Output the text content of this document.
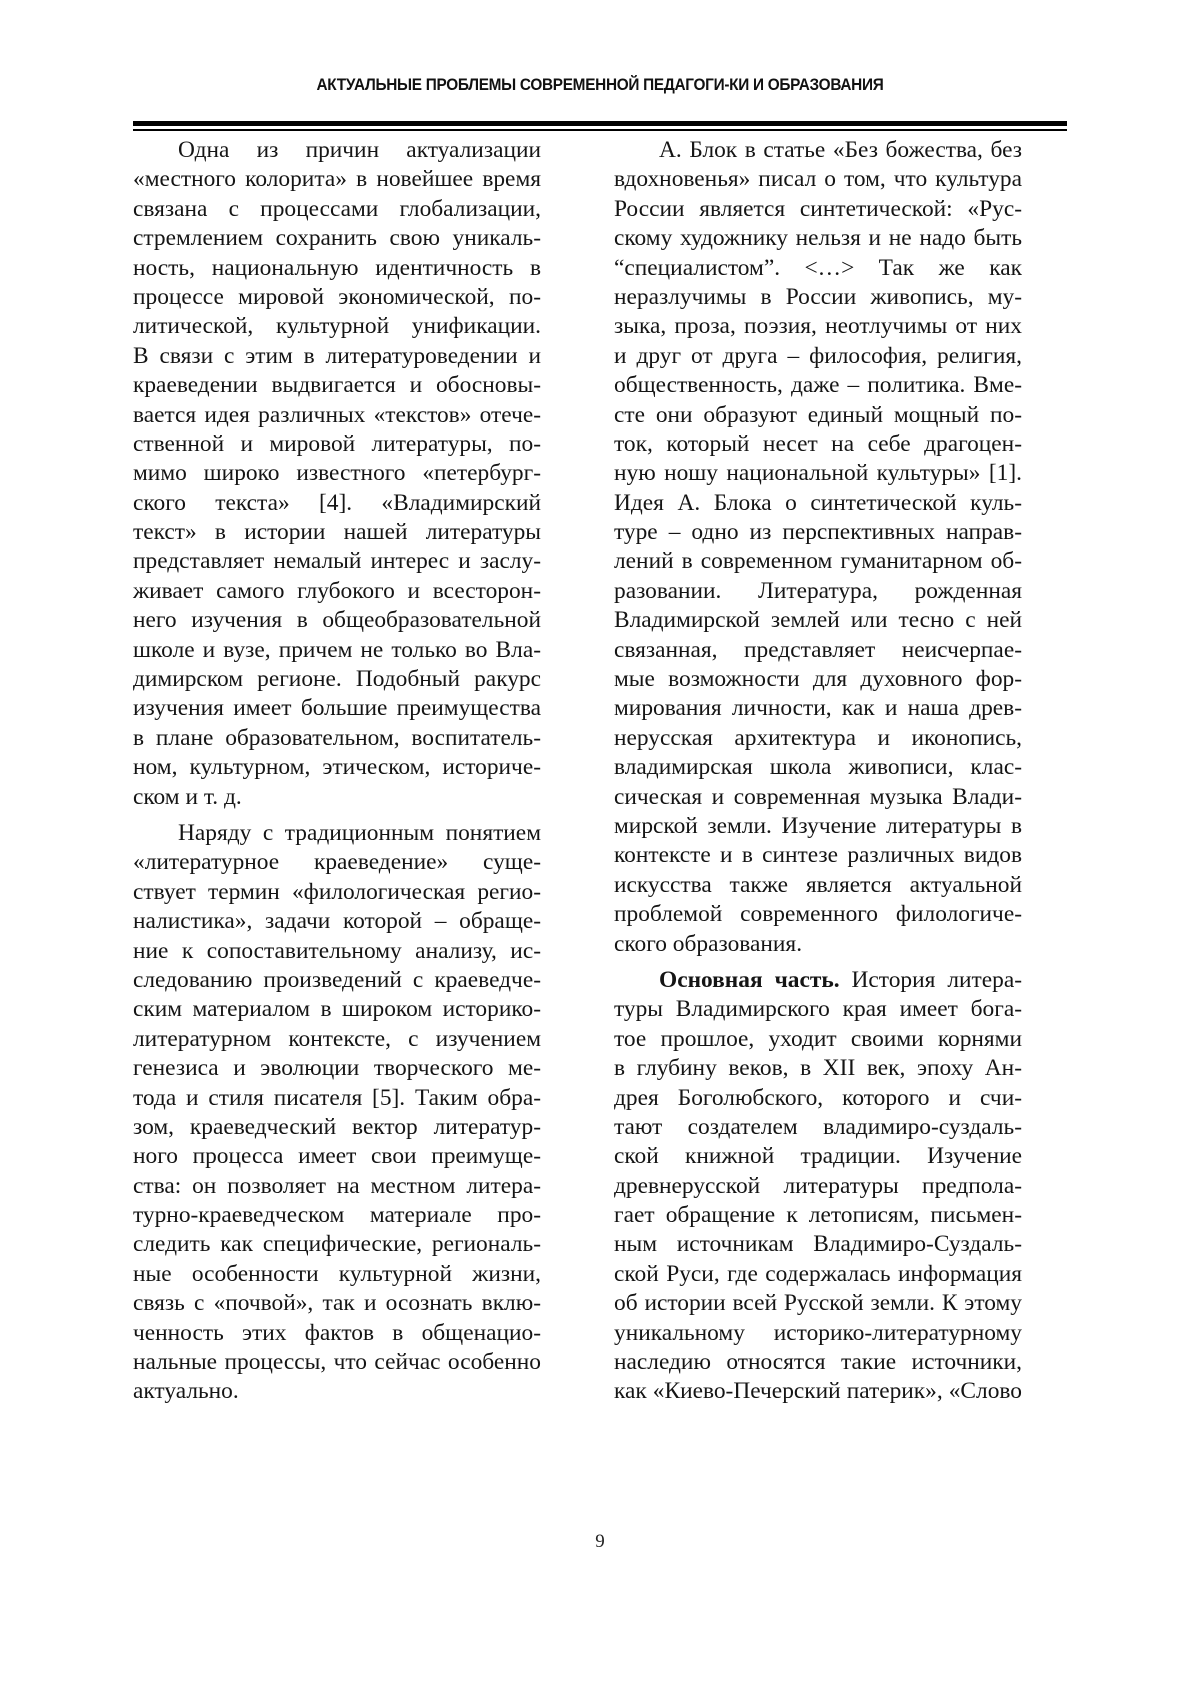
АКТУАЛЬНЫЕ ПРОБЛЕМЫ СОВРЕМЕННОЙ ПЕДАГОГИ-КИ И ОБРАЗОВАНИЯ
Одна из причин актуализации
«местного колорита» в новейшее время
связана с процессами глобализации,
стремлением сохранить свою уникаль-
ность, национальную идентичность в
процессе мировой экономической, по-
литической, культурной унификации.
В связи с этим в литературоведении и
краеведении выдвигается и обосновы-
вается идея различных «текстов» отече-
ственной и мировой литературы, по-
мимо широко известного «петербург-
ского текста» [4]. «Владимирский
текст» в истории нашей литературы
представляет немалый интерес и заслу-
живает самого глубокого и всесторон-
него изучения в общеобразовательной
школе и вузе, причем не только во Вла-
димирском регионе. Подобный ракурс
изучения имеет большие преимущества
в плане образовательном, воспитатель-
ном, культурном, этическом, историче-
ском и т. д.
Наряду с традиционным понятием
«литературное краеведение» суще-
ствует термин «филологическая регио-
налистика», задачи которой – обраще-
ние к сопоставительному анализу, ис-
следованию произведений с краеведче-
ским материалом в широком историко-
литературном контексте, с изучением
генезиса и эволюции творческого ме-
тода и стиля писателя [5]. Таким обра-
зом, краеведческий вектор литератур-
ного процесса имеет свои преимуще-
ства: он позволяет на местном литера-
турно-краеведческом материале про-
следить как специфические, региональ-
ные особенности культурной жизни,
связь с «почвой», так и осознать вклю-
ченность этих фактов в общенацио-
нальные процессы, что сейчас особенно
актуально.
А. Блок в статье «Без божества, без
вдохновенья» писал о том, что культура
России является синтетической: «Рус-
скому художнику нельзя и не надо быть
“специалистом”. <…> Так же как
неразлучимы в России живопись, му-
зыка, проза, поэзия, неотлучимы от них
и друг от друга – философия, религия,
общественность, даже – политика. Вме-
сте они образуют единый мощный по-
ток, который несет на себе драгоцен-
ную ношу национальной культуры» [1].
Идея А. Блока о синтетической куль-
туре – одно из перспективных направ-
лений в современном гуманитарном об-
разовании. Литература, рожденная
Владимирской землей или тесно с ней
связанная, представляет неисчерпае-
мые возможности для духовного фор-
мирования личности, как и наша древ-
нерусская архитектура и иконопись,
владимирская школа живописи, клас-
сическая и современная музыка Влади-
мирской земли. Изучение литературы в
контексте и в синтезе различных видов
искусства также является актуальной
проблемой современного филологиче-
ского образования.
Основная часть. История литера-
туры Владимирского края имеет бога-
тое прошлое, уходит своими корнями
в глубину веков, в XII век, эпоху Ан-
дрея Боголюбского, которого и счи-
тают создателем владимиро-суздаль-
ской книжной традиции. Изучение
древнерусской литературы предпола-
гает обращение к летописям, письмен-
ным источникам Владимиро-Суздаль-
ской Руси, где содержалась информация
об истории всей Русской земли. К этому
уникальному историко-литературному
наследию относятся такие источники,
как «Киево-Печерский патерик», «Слово
9
